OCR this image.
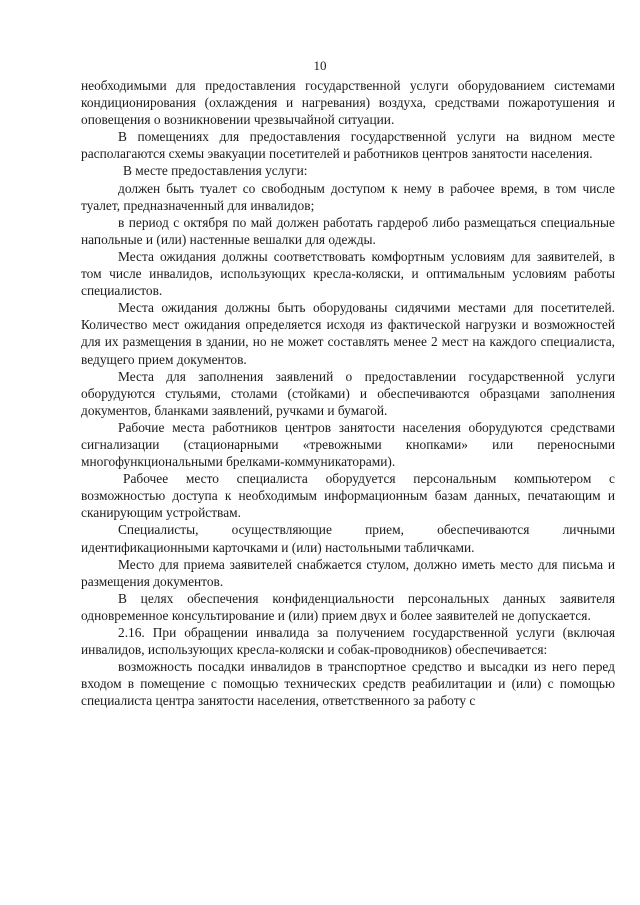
10

необходимыми для предоставления государственной услуги оборудованием системами кондиционирования (охлаждения и нагревания) воздуха, средствами пожаротушения и оповещения о возникновении чрезвычайной ситуации.

В помещениях для предоставления государственной услуги на видном месте располагаются схемы эвакуации посетителей и работников центров занятости населения.

В месте предоставления услуги:

должен быть туалет со свободным доступом к нему в рабочее время, в том числе туалет, предназначенный для инвалидов;

в период с октября по май должен работать гардероб либо размещаться специальные напольные и (или) настенные вешалки для одежды.

Места ожидания должны соответствовать комфортным условиям для заявителей, в том числе инвалидов, использующих кресла-коляски, и оптимальным условиям работы специалистов.

Места ожидания должны быть оборудованы сидячими местами для посетителей. Количество мест ожидания определяется исходя из фактической нагрузки и возможностей для их размещения в здании, но не может составлять менее 2 мест на каждого специалиста, ведущего прием документов.

Места для заполнения заявлений о предоставлении государственной услуги оборудуются стульями, столами (стойками) и обеспечиваются образцами заполнения документов, бланками заявлений, ручками и бумагой.

Рабочие места работников центров занятости населения оборудуются средствами сигнализации (стационарными «тревожными кнопками» или переносными многофункциональными брелками-коммуникаторами).

Рабочее место специалиста оборудуется персональным компьютером с возможностью доступа к необходимым информационным базам данных, печатающим и сканирующим устройствам.

Специалисты, осуществляющие прием, обеспечиваются личными идентификационными карточками и (или) настольными табличками.

Место для приема заявителей снабжается стулом, должно иметь место для письма и размещения документов.

В целях обеспечения конфиденциальности персональных данных заявителя одновременное консультирование и (или) прием двух и более заявителей не допускается.

2.16. При обращении инвалида за получением государственной услуги (включая инвалидов, использующих кресла-коляски и собак-проводников) обеспечивается:

возможность посадки инвалидов в транспортное средство и высадки из него перед входом в помещение с помощью технических средств реабилитации и (или) с помощью специалиста центра занятости населения, ответственного за работу с
